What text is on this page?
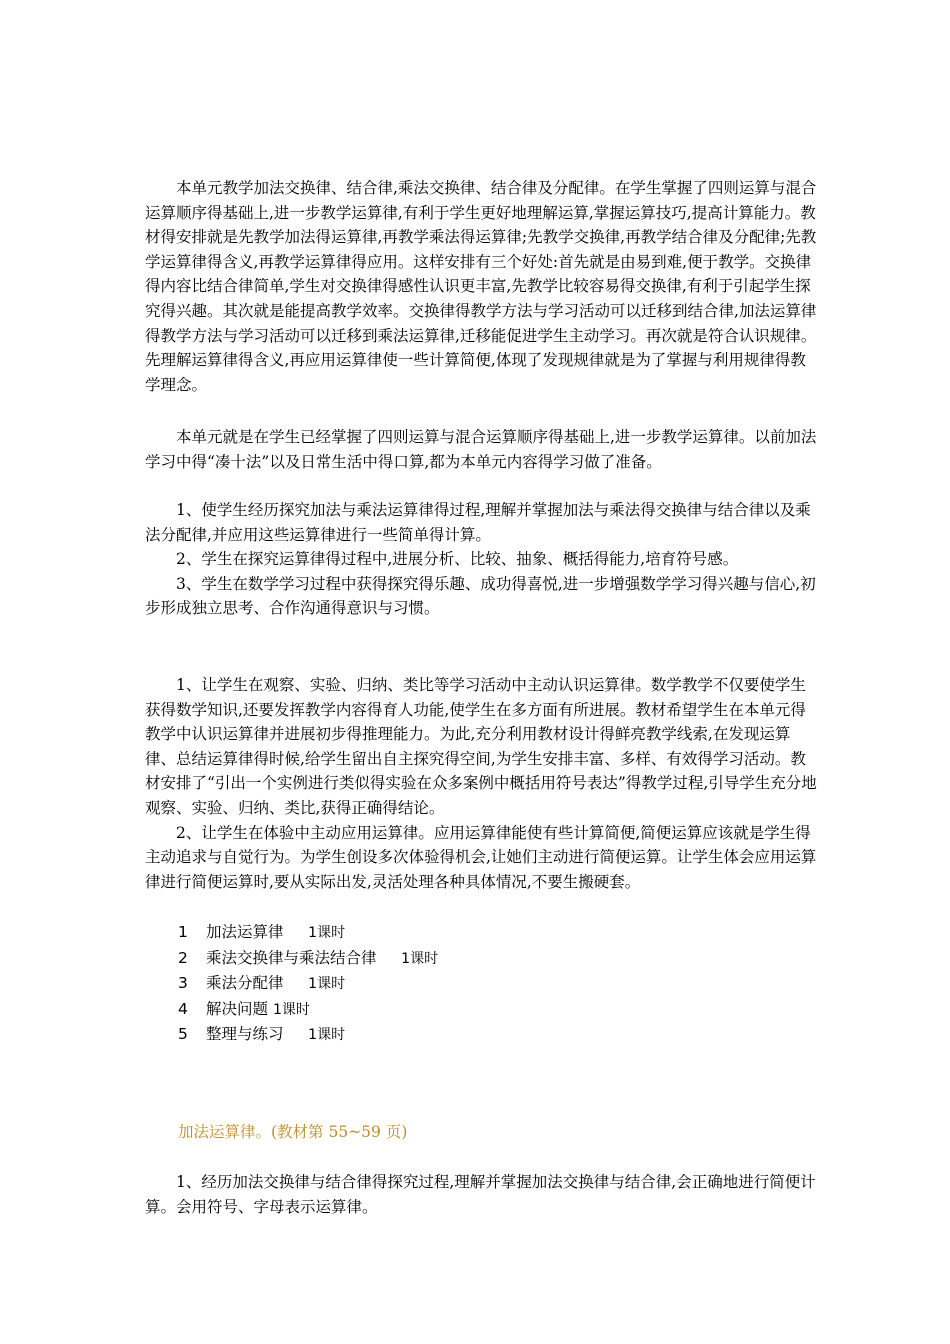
本单元教学加法交换律、结合律,乘法交换律、结合律及分配律。在学生掌握了四则运算与混合运算顺序得基础上,进一步教学运算律,有利于学生更好地理解运算,掌握运算技巧,提高计算能力。教材得安排就是先教学加法得运算律,再教学乘法得运算律;先教学交换律,再教学结合律及分配律;先教学运算律得含义,再教学运算律得应用。这样安排有三个好处:首先就是由易到难,便于教学。交换律得内容比结合律简单,学生对交换律得感性认识更丰富,先教学比较容易得交换律,有利于引起学生探究得兴趣。其次就是能提高教学效率。交换律得教学方法与学习活动可以迁移到结合律,加法运算律得教学方法与学习活动可以迁移到乘法运算律,迁移能促进学生主动学习。再次就是符合认识规律。先理解运算律得含义,再应用运算律使一些计算简便,体现了发现规律就是为了掌握与利用规律得教学理念。

本单元就是在学生已经掌握了四则运算与混合运算顺序得基础上,进一步教学运算律。以前加法学习中得“凑十法”以及日常生活中得口算,都为本单元内容得学习做了准备。

1、使学生经历探究加法与乘法运算律得过程,理解并掌握加法与乘法得交换律与结合律以及乘法分配律,并应用这些运算律进行一些简单得计算。

2、学生在探究运算律得过程中,进展分析、比较、抽象、概括得能力,培育符号感。

3、学生在数学学习过程中获得探究得乐趣、成功得喜悦,进一步增强数学学习得兴趣与信心,初步形成独立思考、合作沟通得意识与习惯。

1、让学生在观察、实验、归纳、类比等学习活动中主动认识运算律。数学教学不仅要使学生获得数学知识,还要发挥教学内容得育人功能,使学生在多方面有所进展。教材希望学生在本单元得教学中认识运算律并进展初步得推理能力。为此,充分利用教材设计得鲜亮教学线索,在发现运算律、总结运算律得时候,给学生留出自主探究得空间,为学生安排丰富、多样、有效得学习活动。教材安排了“引出一个实例进行类似得实验在众多案例中概括用符号表达”得教学过程,引导学生充分地观察、实验、归纳、类比,获得正确得结论。

2、让学生在体验中主动应用运算律。应用运算律能使有些计算简便,简便运算应该就是学生得主动追求与自觉行为。为学生创设多次体验得机会,让她们主动进行简便运算。让学生体会应用运算律进行简便运算时,要从实际出发,灵活处理各种具体情况,不要生搬硬套。

1 加法运算律 1课时
2 乘法交换律与乘法结合律 1课时
3 乘法分配律 1课时
4 解决问题 1课时
5 整理与练习 1课时

加法运算律。(教材第 55~59 页)

1、经历加法交换律与结合律得探究过程,理解并掌握加法交换律与结合律,会正确地进行简便计算。会用符号、字母表示运算律。
